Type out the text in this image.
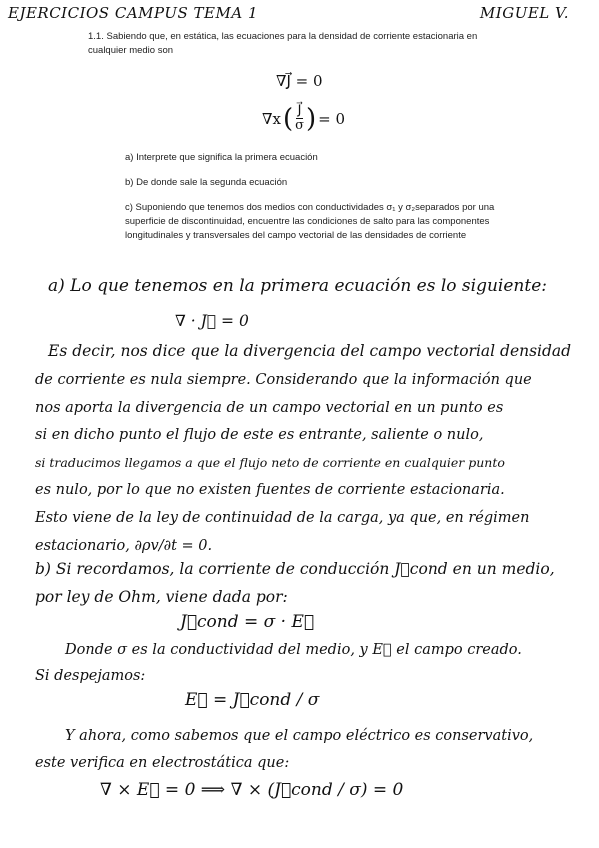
EJERCICIOS CAMPUS TEMA 1	MIGUEL V.
1.1. Sabiendo que, en estática, las ecuaciones para la densidad de corriente estacionaria en cualquier medio son
∇J⃗ = 0
∇x ( $\frac{J⃗}{\sigma}$ ) = 0
a) Interprete que significa la primera ecuación
b) De donde sale la segunda ecuación
c) Suponiendo que tenemos dos medios con conductividades σ₁ y σ₂separados por una superficie de discontinuidad, encuentre las condiciones de salto para las componentes longitudinales y transversales del campo vectorial de las densidades de corriente
a) Lo que tenemos en la primera ecuación es lo siguiente:
∇ · J⃗ = 0
Es decir, nos dice que la divergencia del campo vectorial densidad
de corriente es nula siempre. Considerando que la información que
nos aporta la divergencia de un campo vectorial en un punto es
si en dicho punto el flujo de este es entrante, saliente o nulo,
si traducimos llegamos a que el flujo neto de corriente en cualquier punto
es nulo, por lo que no existen fuentes de corriente estacionaria.
Esto viene de la ley de continuidad de la carga, ya que, en régimen
estacionario, ∂ρv/∂t = 0.
b) Si recordamos, la corriente de conducción J⃗cond en un medio,
por ley de Ohm, viene dada por:
J⃗cond = σ · E⃗
Donde σ es la conductividad del medio, y E⃗ el campo creado.
Si despejamos:
E⃗ = J⃗cond / σ
Y ahora, como sabemos que el campo eléctrico es conservativo,
este verifica en electrostática que:
∇ × E⃗ = 0 ⟹ ∇ × (J⃗cond / σ) = 0
